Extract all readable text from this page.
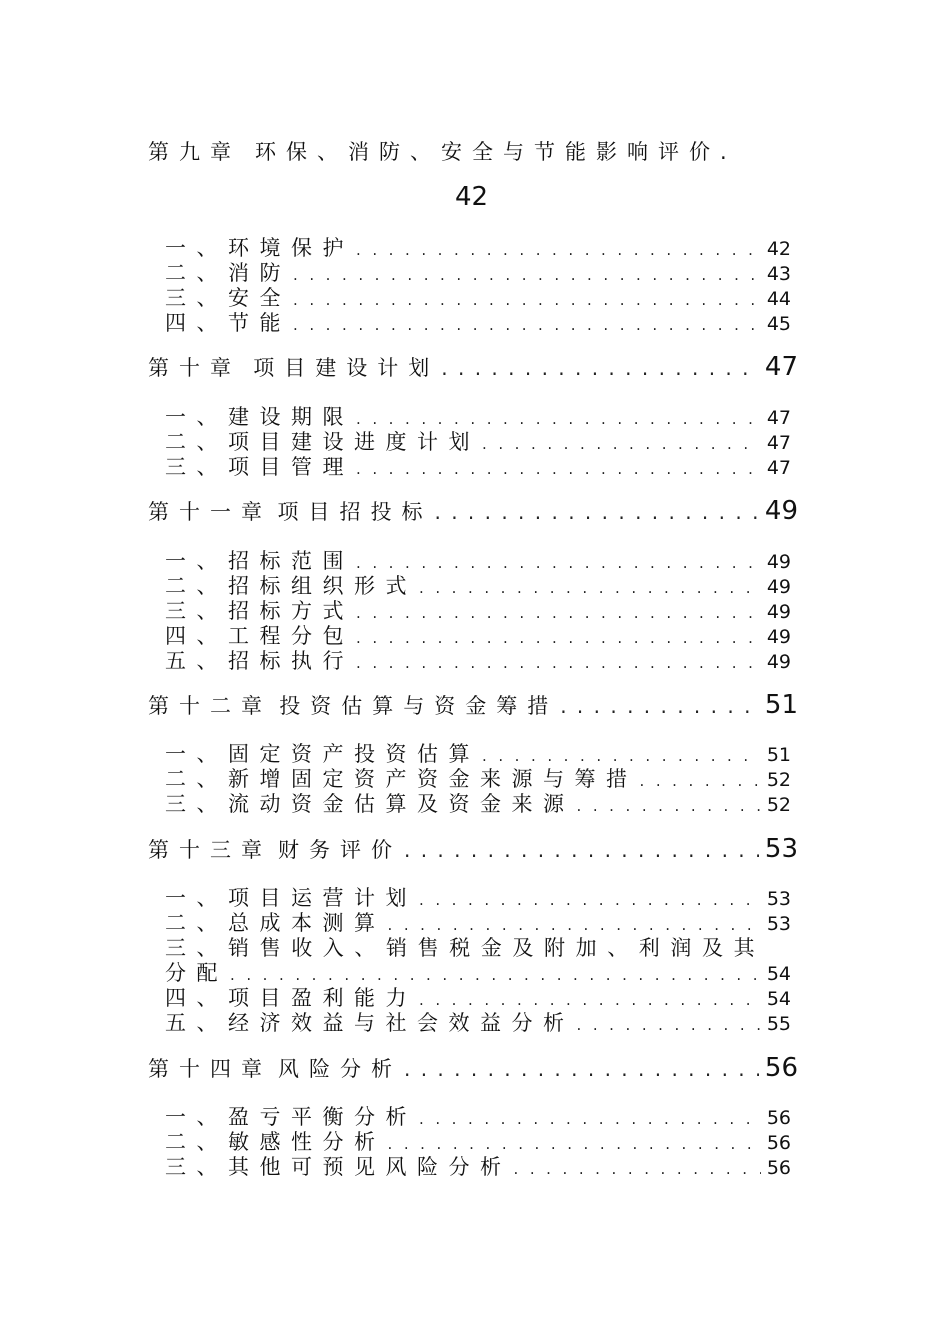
第九章 环保、消防、安全与节能影响评价.
42
一、 环境保护 . . .	42
二、 消防 . . .	43
三、 安全 . . .	44
四、 节能 . . .	45
第十章 项目建设计划 . . .	47
一、 建设期限 . . .	47
二、 项目建设进度计划 . . .	47
三、 项目管理 . . .	47
第十一章 项目招投标 . . .	49
一、 招标范围 . . .	49
二、 招标组织形式 . . .	49
三、 招标方式 . . .	49
四、 工程分包 . . .	49
五、 招标执行 . . .	49
第十二章 投资估算与资金筹措 . . .	51
一、 固定资产投资估算 . . .	51
二、 新增固定资产资金来源与筹措 . . .	52
三、 流动资金估算及资金来源 . . .	52
第十三章 财务评价 . . .	53
一、 项目运营计划 . . .	53
二、 总成本测算 . . .	53
三、 销售收入、销售税金及附加、利润及其
分配 . . .	54
四、 项目盈利能力 . . .	54
五、 经济效益与社会效益分析 . . .	55
第十四章 风险分析 . . .	56
一、 盈亏平衡分析 . . .	56
二、 敏感性分析 . . .	56
三、 其他可预见风险分析 . . .	56
